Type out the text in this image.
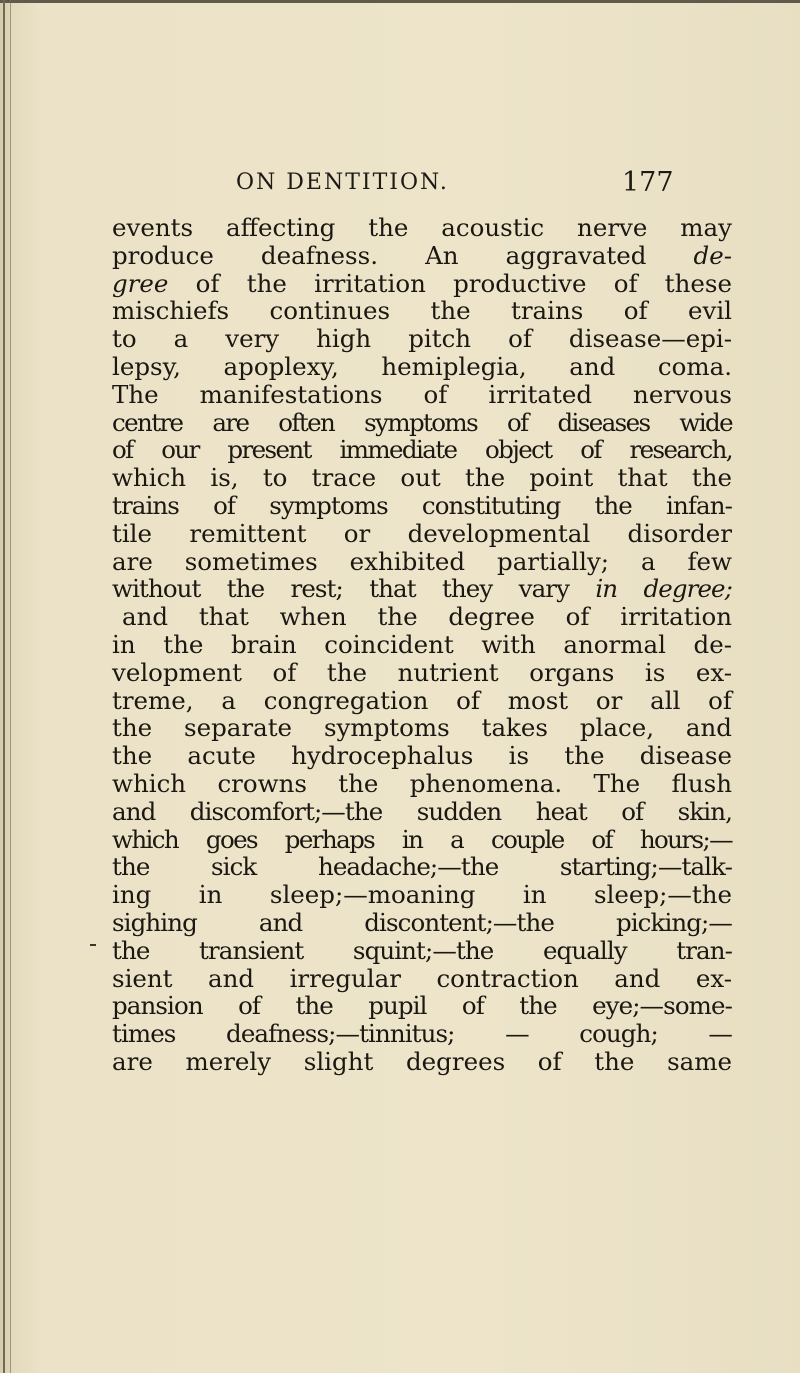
ON DENTITION.	177
events affecting the acoustic nerve may
produce deafness. An aggravated de-
gree of the irritation productive of these
mischiefs continues the trains of evil
to a very high pitch of disease—epi-
lepsy, apoplexy, hemiplegia, and coma.
The manifestations of irritated nervous
centre are often symptoms of diseases wide
of our present immediate object of research,
which is, to trace out the point that the
trains of symptoms constituting the infan-
tile remittent or developmental disorder
are sometimes exhibited partially; a few
without the rest; that they vary in degree;
and that when the degree of irritation
in the brain coincident with anormal de-
velopment of the nutrient organs is ex-
treme, a congregation of most or all of
the separate symptoms takes place, and
the acute hydrocephalus is the disease
which crowns the phenomena. The flush
and discomfort;—the sudden heat of skin,
which goes perhaps in a couple of hours;—
the sick headache;—the starting;—talk-
ing in sleep;—moaning in sleep;—the
sighing and discontent;—the picking;—
the transient squint;—the equally tran-
sient and irregular contraction and ex-
pansion of the pupil of the eye;—some-
times deafness;—tinnitus; — cough; —
are merely slight degrees of the same
